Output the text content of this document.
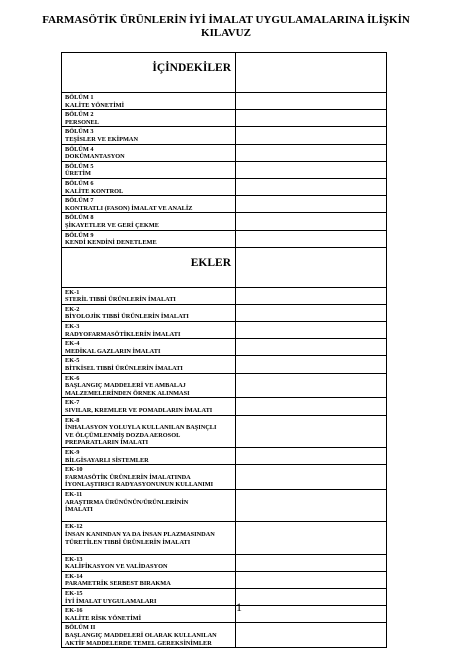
FARMASÖTİK ÜRÜNLERİN İYİ İMALAT UYGULAMALARINA İLİŞKİN
KILAVUZ
İÇİNDEKİLER	

BÖLÜM 1
KALİTE YÖNETİMİ	

BÖLÜM 2
PERSONEL	

BÖLÜM 3
TEŞİSLER VE EKİPMAN	

BÖLÜM 4
DOKÜMANTASYON	

BÖLÜM 5
ÜRETİM	

BÖLÜM 6
KALİTE KONTROL	

BÖLÜM 7
KONTRATLI (FASON) İMALAT VE ANALİZ	

BÖLÜM 8
ŞİKAYETLER VE GERİ ÇEKME	

BÖLÜM 9
KENDİ KENDİNİ DENETLEME	

EKLER	

EK-1
STERİL TIBBİ ÜRÜNLERİN İMALATI	

EK-2
BİYOLOJİK TIBBİ ÜRÜNLERİN İMALATI	

EK-3
RADYOFARMASÖTİKLERİN İMALATI	

EK-4
MEDİKAL GAZLARIN İMALATI	

EK-5
BİTKİSEL TIBBİ ÜRÜNLERİN İMALATI	

EK-6
BAŞLANGIÇ MADDELERİ VE AMBALAJ
MALZEMELERİNDEN ÖRNEK ALINMASI	

EK-7
SIVILAR, KREMLER VE POMADLARIN İMALATI	

EK-8
İNHALASYON YOLUYLA KULLANILAN BAŞINÇLI
VE ÖLÇÜMLENMİŞ DOZDA AEROSOL
PREPARATLARIN İMALATI	

EK-9
BİLGİSAYARLI SİSTEMLER	

EK-10
FARMASÖTİK ÜRÜNLERİN İMALATINDA
İYONLAŞTIRICI RADYASYONUNUN KULLANIMI	

EK-11
ARAŞTIRMA ÜRÜNÜNÜN/ÜRÜNLERİNİN
İMALATI	

EK-12
İNSAN KANINDAN YA DA İNSAN PLAZMASINDAN
TÜRETİLEN TIBBİ ÜRÜNLERİN İMALATI	

EK-13
KALİFİKASYON VE VALİDASYON	

EK-14
PARAMETRİK SERBEST BIRAKMA	

EK-15
İYİ İMALAT UYGULAMALARI	

EK-16
KALİTE RİSK YÖNETİMİ	

BÖLÜM II
BAŞLANGIÇ MADDELERİ OLARAK KULLANILAN
AKTİF MADDELERDE TEMEL GEREKSİNİMLER	

1
